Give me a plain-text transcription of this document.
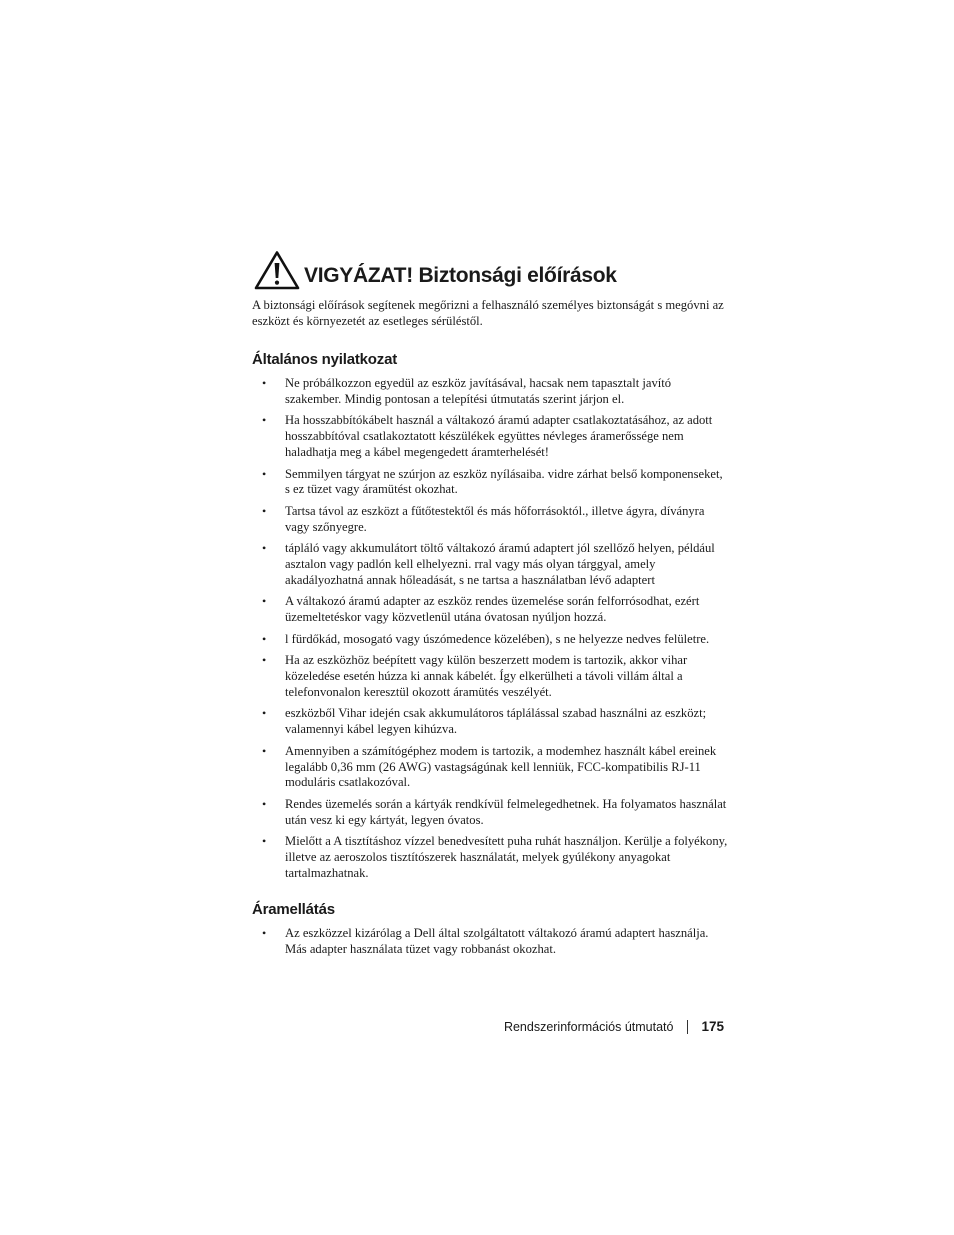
VIGYÁZAT! Biztonsági előírások

A biztonsági előírások segítenek megőrizni a felhasználó személyes biztonságát s megóvni az eszközt és környezetét az esetleges sérüléstől.

Általános nyilatkozat
• Ne próbálkozzon egyedül az eszköz javításával, hacsak nem tapasztalt javító szakember. Mindig pontosan a telepítési útmutatás szerint járjon el.
• Ha hosszabbítókábelt használ a váltakozó áramú adapter csatlakoztatásához, az adott hosszabbítóval csatlakoztatott készülékek együttes névleges áramerőssége nem haladhatja meg a kábel megengedett áramterhelését!
• Semmilyen tárgyat ne szúrjon az eszköz nyílásaiba. vidre zárhat belső komponenseket, s ez tüzet vagy áramütést okozhat.
• Tartsa távol az eszközt a fűtőtestektől és más hőforrásoktól., illetve ágyra, díványra vagy szőnyegre.
• tápláló vagy akkumulátort töltő váltakozó áramú adaptert jól szellőző helyen, például asztalon vagy padlón kell elhelyezni. rral vagy más olyan tárggyal, amely akadályozhatná annak hőleadását, s ne tartsa a használatban lévő adaptert
• A váltakozó áramú adapter az eszköz rendes üzemelése során felforrósodhat, ezért üzemeltetéskor vagy közvetlenül utána óvatosan nyúljon hozzá.
• l fürdőkád, mosogató vagy úszómedence közelében), s ne helyezze nedves felületre.
• Ha az eszközhöz beépített vagy külön beszerzett modem is tartozik, akkor vihar közeledése esetén húzza ki annak kábelét. Így elkerülheti a távoli villám által a telefonvonalon keresztül okozott áramütés veszélyét.
• eszközből Vihar idején csak akkumulátoros táplálással szabad használni az eszközt; valamennyi kábel legyen kihúzva.
• Amennyiben a számítógéphez modem is tartozik, a modemhez használt kábel ereinek legalább 0,36 mm (26 AWG) vastagságúnak kell lenniük, FCC-kompatibilis RJ-11 moduláris csatlakozóval.
• Rendes üzemelés során a kártyák rendkívül felmelegedhetnek. Ha folyamatos használat után vesz ki egy kártyát, legyen óvatos.
• Mielőtt a A tisztításhoz vízzel benedvesített puha ruhát használjon. Kerülje a folyékony, illetve az aeroszolos tisztítószerek használatát, melyek gyúlékony anyagokat tartalmazhatnak.
Áramellátás
• Az eszközzel kizárólag a Dell által szolgáltatott váltakozó áramú adaptert használja. Más adapter használata tüzet vagy robbanást okozhat.
Rendszerinformációs útmutató 175
